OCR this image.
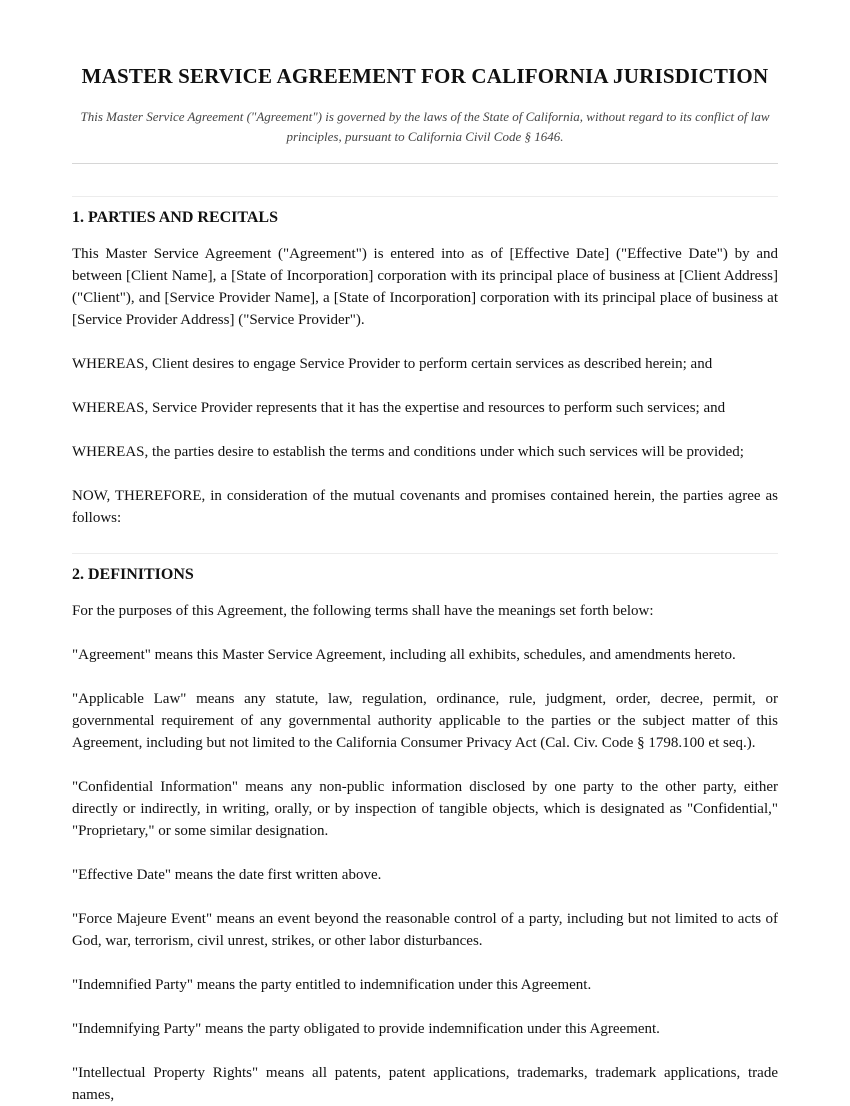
MASTER SERVICE AGREEMENT FOR CALIFORNIA JURISDICTION

This Master Service Agreement ("Agreement") is governed by the laws of the State of California, without regard to its conflict of law principles, pursuant to California Civil Code § 1646.

1. PARTIES AND RECITALS

This Master Service Agreement ("Agreement") is entered into as of [Effective Date] ("Effective Date") by and between [Client Name], a [State of Incorporation] corporation with its principal place of business at [Client Address] ("Client"), and [Service Provider Name], a [State of Incorporation] corporation with its principal place of business at [Service Provider Address] ("Service Provider").

WHEREAS, Client desires to engage Service Provider to perform certain services as described herein; and

WHEREAS, Service Provider represents that it has the expertise and resources to perform such services; and

WHEREAS, the parties desire to establish the terms and conditions under which such services will be provided;

NOW, THEREFORE, in consideration of the mutual covenants and promises contained herein, the parties agree as follows:

2. DEFINITIONS

For the purposes of this Agreement, the following terms shall have the meanings set forth below:

"Agreement" means this Master Service Agreement, including all exhibits, schedules, and amendments hereto.

"Applicable Law" means any statute, law, regulation, ordinance, rule, judgment, order, decree, permit, or governmental requirement of any governmental authority applicable to the parties or the subject matter of this Agreement, including but not limited to the California Consumer Privacy Act (Cal. Civ. Code § 1798.100 et seq.).

"Confidential Information" means any non-public information disclosed by one party to the other party, either directly or indirectly, in writing, orally, or by inspection of tangible objects, which is designated as "Confidential," "Proprietary," or some similar designation.

"Effective Date" means the date first written above.

"Force Majeure Event" means an event beyond the reasonable control of a party, including but not limited to acts of God, war, terrorism, civil unrest, strikes, or other labor disturbances.

"Indemnified Party" means the party entitled to indemnification under this Agreement.

"Indemnifying Party" means the party obligated to provide indemnification under this Agreement.

"Intellectual Property Rights" means all patents, patent applications, trademarks, trademark applications, trade names,
